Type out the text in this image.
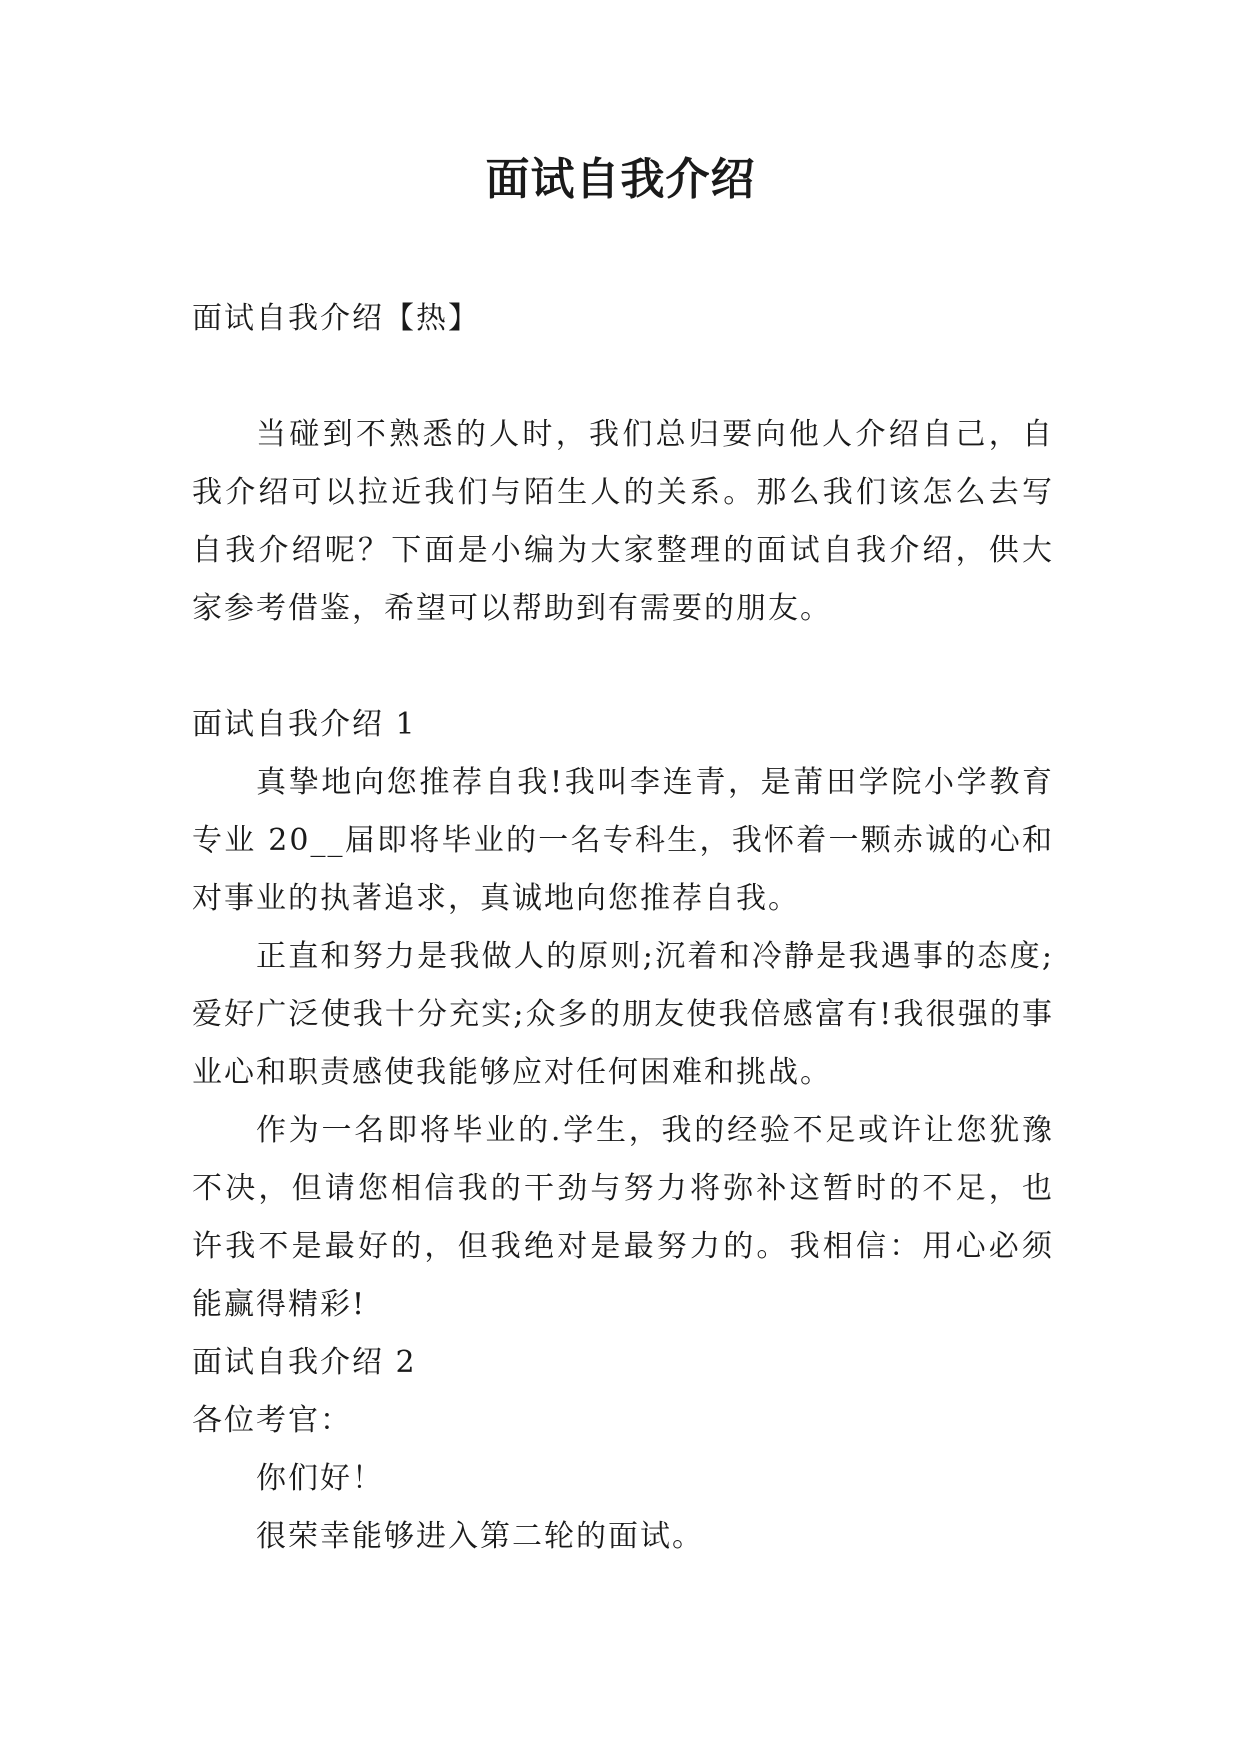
面试自我介绍

面试自我介绍【热】

当碰到不熟悉的人时，我们总归要向他人介绍自己，自我介绍可以拉近我们与陌生人的关系。那么我们该怎么去写自我介绍呢？下面是小编为大家整理的面试自我介绍，供大家参考借鉴，希望可以帮助到有需要的朋友。

面试自我介绍 1

真挚地向您推荐自我!我叫李连青，是莆田学院小学教育专业 20__届即将毕业的一名专科生，我怀着一颗赤诚的心和对事业的执著追求，真诚地向您推荐自我。

正直和努力是我做人的原则;沉着和冷静是我遇事的态度;爱好广泛使我十分充实;众多的朋友使我倍感富有!我很强的事业心和职责感使我能够应对任何困难和挑战。

作为一名即将毕业的.学生，我的经验不足或许让您犹豫不决，但请您相信我的干劲与努力将弥补这暂时的不足，也许我不是最好的，但我绝对是最努力的。我相信：用心必须能赢得精彩!

面试自我介绍 2

各位考官：

你们好！

很荣幸能够进入第二轮的面试。
